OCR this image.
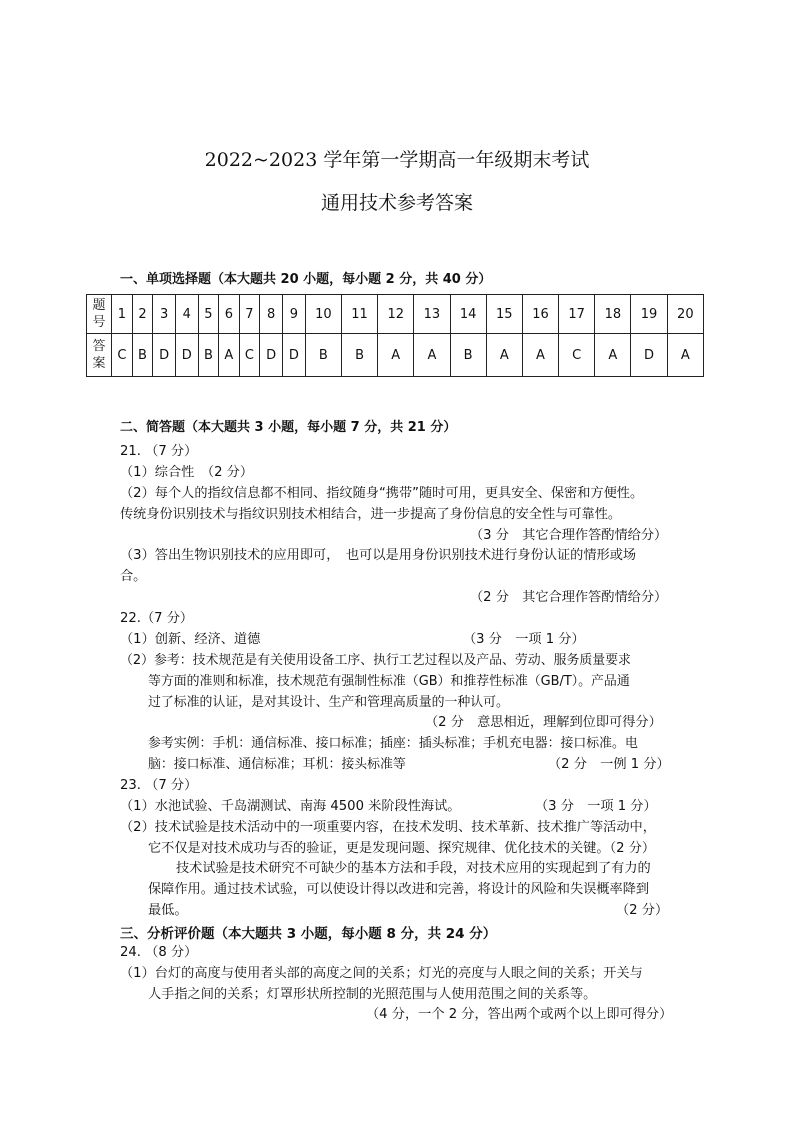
2022~2023 学年第一学期高一年级期末考试
通用技术参考答案
一、单项选择题（本大题共 20 小题，每小题 2 分，共 40 分）
题
号	1	2	3	4	5	6	7	8	9	10	11	12	13	14	15	16	17	18	19	20

答
案	C	B	D	D	B	A	C	D	D	B	B	A	A	B	A	A	C	A	D	A
二、简答题（本大题共 3 小题，每小题 7 分，共 21 分）
21. （7 分）
（1）综合性　（2 分）
（2）每个人的指纹信息都不相同、指纹随身“携带”随时可用，更具安全、保密和方便性。
传统身份识别技术与指纹识别技术相结合，进一步提高了身份信息的安全性与可靠性。
（3 分　其它合理作答酌情给分）
（3）答出生物识别技术的应用即可，　也可以是用身份识别技术进行身份认证的情形或场
合。
（2 分　其它合理作答酌情给分）
22.（7 分）
（1）创新、经济、道德	（3 分　一项 1 分）
（2）参考：技术规范是有关使用设备工序、执行工艺过程以及产品、劳动、服务质量要求
等方面的准则和标准，技术规范有强制性标准（GB）和推荐性标准（GB/T）。产品通
过了标准的认证，是对其设计、生产和管理高质量的一种认可。
（2 分　意思相近，理解到位即可得分）
参考实例：手机：通信标准、接口标准；插座：插头标准；手机充电器：接口标准。电
脑：接口标准、通信标准；耳机：接头标准等	（2 分　一例 1 分）
23. （7 分）
（1）水池试验、千岛湖测试、南海 4500 米阶段性海试。	（3 分　一项 1 分）
（2）技术试验是技术活动中的一项重要内容，在技术发明、技术革新、技术推广等活动中，
它不仅是对技术成功与否的验证，更是发现问题、探究规律、优化技术的关键。（2 分）
技术试验是技术研究不可缺少的基本方法和手段，对技术应用的实现起到了有力的
保障作用。通过技术试验，可以使设计得以改进和完善，将设计的风险和失误概率降到
最低。	（2 分）
三、分析评价题（本大题共 3 小题，每小题 8 分，共 24 分）
24. （8 分）
（1）台灯的高度与使用者头部的高度之间的关系；灯光的亮度与人眼之间的关系；开关与
人手指之间的关系；灯罩形状所控制的光照范围与人使用范围之间的关系等。
（4 分，一个 2 分，答出两个或两个以上即可得分）
